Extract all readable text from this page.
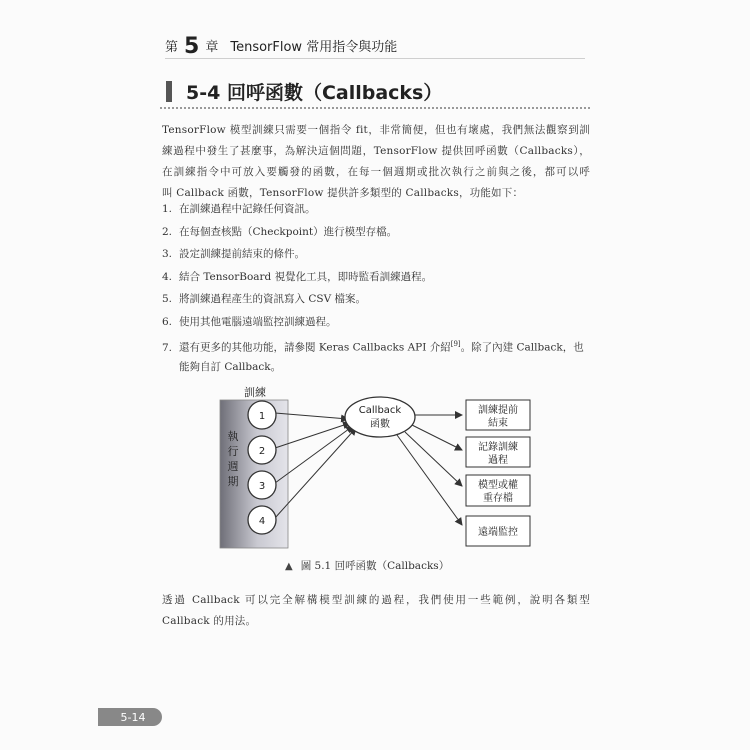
第 5 章 TensorFlow 常用指令與功能
5-4 回呼函數（Callbacks）
TensorFlow 模型訓練只需要一個指令 fit，非常簡便，但也有壞處，我們無法觀察到訓
練過程中發生了甚麼事，為解決這個問題，TensorFlow 提供回呼函數（Callbacks），
在訓練指令中可放入要觸發的函數，在每一個週期或批次執行之前與之後，都可以呼
叫 Callback 函數，TensorFlow 提供許多類型的 Callbacks，功能如下：
1. 在訓練過程中記錄任何資訊。
2. 在每個查核點（Checkpoint）進行模型存檔。
3. 設定訓練提前結束的條件。
4. 結合 TensorBoard 視覺化工具，即時監看訓練過程。
5. 將訓練過程產生的資訊寫入 CSV 檔案。
6. 使用其他電腦遠端監控訓練過程。
7. 還有更多的其他功能，請參閱 Keras Callbacks API 介紹[9]。除了內建 Callback，也
能夠自訂 Callback。
訓練
執
行
週
期
1
2
3
4
Callback
函數
訓練提前
結束
記錄訓練
過程
模型或權
重存檔
遠端監控
▲ 圖 5.1 回呼函數（Callbacks）
透過 Callback 可以完全解構模型訓練的過程，我們使用一些範例，說明各類型
Callback 的用法。
5-14
